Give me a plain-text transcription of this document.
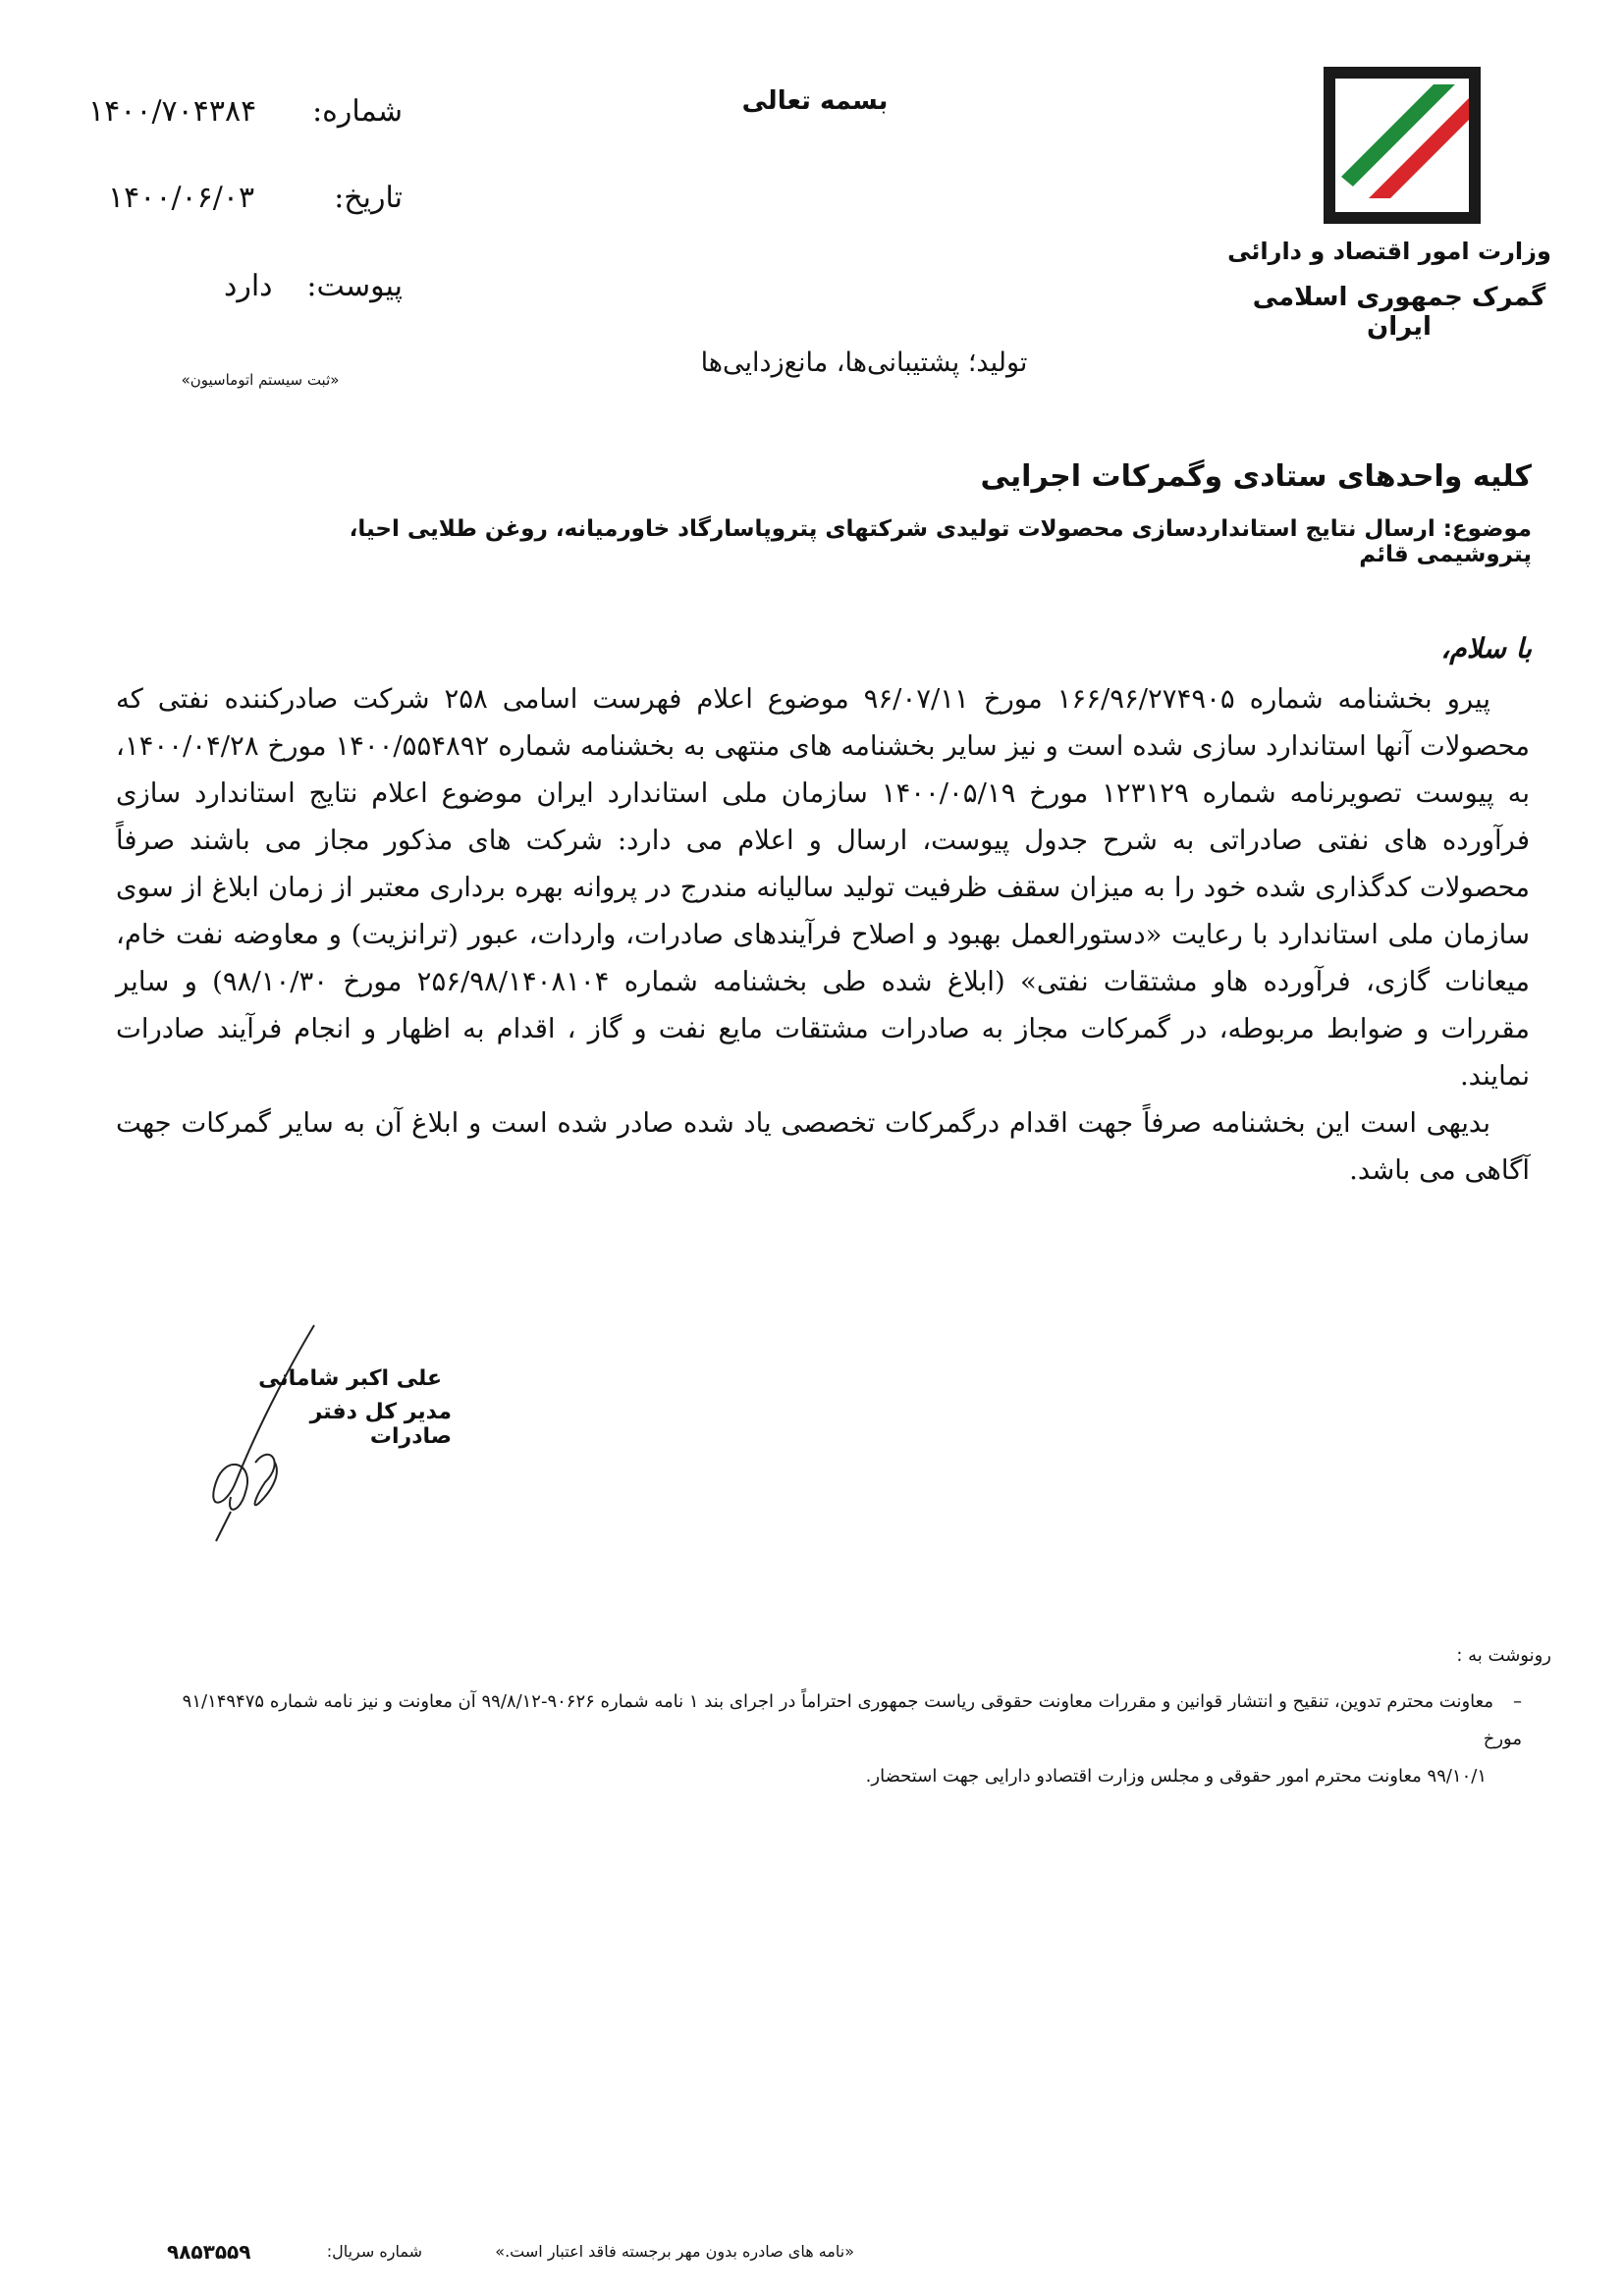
بسمه تعالی
شماره:
۱۴۰۰/۷۰۴۳۸۴
تاریخ:
۱۴۰۰/۰۶/۰۳
پیوست:
دارد
«ثبت سیستم اتوماسیون»
وزارت امور اقتصاد و دارائی
گمرک جمهوری اسلامی ایران
تولید؛ پشتیبانی‌ها، مانع‌زدایی‌ها
کلیه واحدهای ستادی وگمرکات اجرایی
موضوع: ارسال نتایج استانداردسازی محصولات تولیدی شرکتهای پتروپاسارگاد خاورمیانه، روغن طلایی احیا، پتروشیمی قائم
با سلام،

پیرو بخشنامه شماره ۱۶۶/۹۶/۲۷۴۹۰۵ مورخ ۹۶/۰۷/۱۱ موضوع اعلام فهرست اسامی ۲۵۸ شرکت صادرکننده نفتی که محصولات آنها استاندارد سازی شده است و نیز سایر بخشنامه های منتهی به بخشنامه شماره ۱۴۰۰/۵۵۴۸۹۲ مورخ ۱۴۰۰/۰۴/۲۸، به پیوست تصویرنامه شماره ۱۲۳۱۲۹ مورخ ۱۴۰۰/۰۵/۱۹ سازمان ملی استاندارد ایران موضوع اعلام نتایج استاندارد سازی فرآورده های نفتی صادراتی به شرح جدول پیوست، ارسال و اعلام می دارد: شرکت های مذکور مجاز می باشند صرفاً محصولات کدگذاری شده خود را به میزان سقف ظرفیت تولید سالیانه مندرج در پروانه بهره برداری معتبر از زمان ابلاغ از سوی سازمان ملی استاندارد با رعایت «دستورالعمل بهبود و اصلاح فرآیندهای صادرات، واردات، عبور (ترانزیت) و معاوضه نفت خام، میعانات گازی، فرآورده هاو مشتقات نفتی» (ابلاغ شده طی بخشنامه شماره ۲۵۶/۹۸/۱۴۰۸۱۰۴ مورخ ۹۸/۱۰/۳۰) و سایر مقررات و ضوابط مربوطه، در گمرکات مجاز به صادرات مشتقات مایع نفت و گاز ، اقدام به اظهار و انجام فرآیند صادرات نمایند.

بدیهی است این بخشنامه صرفاً جهت اقدام درگمرکات تخصصی یاد شده صادر شده است و ابلاغ آن به سایر گمرکات جهت آگاهی می باشد.

علی اکبر شامانی
مدیر کل دفتر صادرات
رونوشت به :
–
معاونت محترم تدوین، تنقیح و انتشار قوانین و مقررات معاونت حقوقی ریاست جمهوری احتراماً در اجرای بند ۱ نامه شماره ۹۰۶۲۶-۹۹/۸/۱۲ آن معاونت و نیز نامه شماره ۹۱/۱۴۹۴۷۵ مورخ
۹۹/۱۰/۱ معاونت محترم امور حقوقی و مجلس وزارت اقتصادو دارایی جهت استحضار.
«نامه های صادره بدون مهر برجسته فاقد اعتبار است.»
شماره سریال:
۹۸۵۳۵۵۹
